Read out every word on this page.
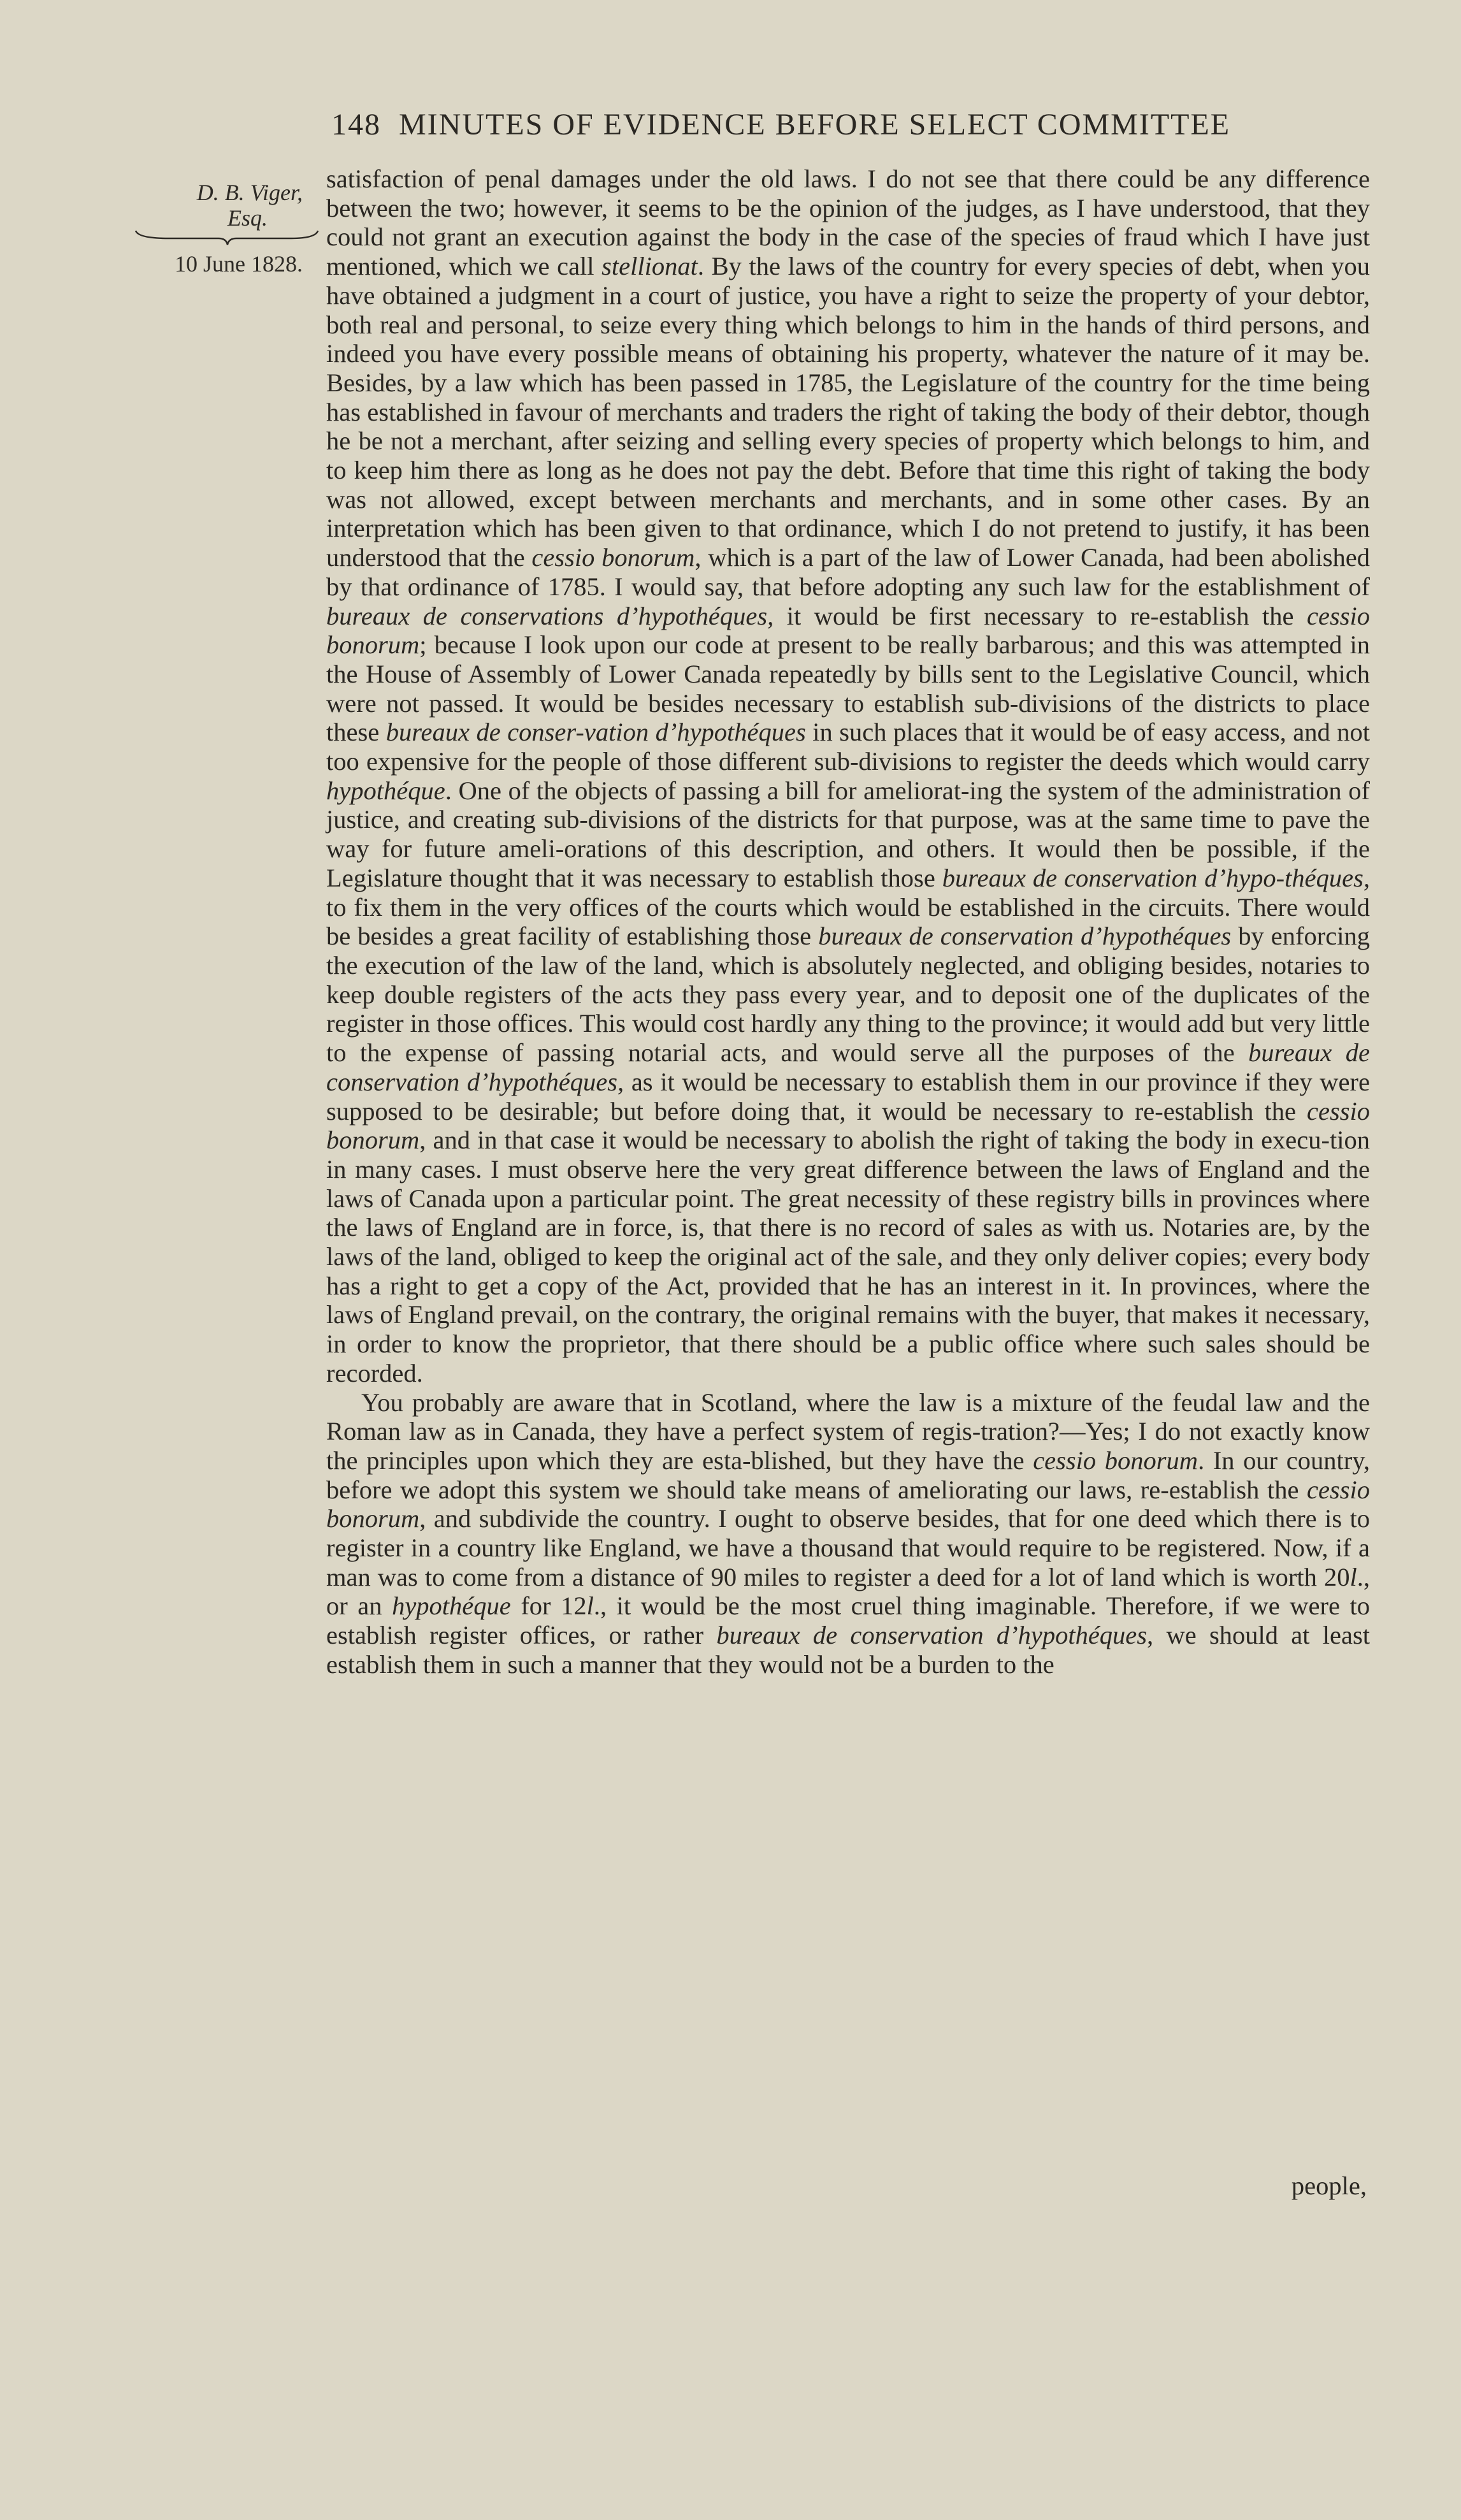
148 MINUTES OF EVIDENCE BEFORE SELECT COMMITTEE
D. B. Viger,
Esq.
10 June 1828.

satisfaction of penal damages under the old laws. I do not see that there could be any difference between the two; however, it seems to be the opinion of the judges, as I have understood, that they could not grant an execution against the body in the case of the species of fraud which I have just mentioned, which we call stellionat. By the laws of the country for every species of debt, when you have obtained a judgment in a court of justice, you have a right to seize the property of your debtor, both real and personal, to seize every thing which belongs to him in the hands of third persons, and indeed you have every possible means of obtaining his property, whatever the nature of it may be. Besides, by a law which has been passed in 1785, the Legislature of the country for the time being has established in favour of merchants and traders the right of taking the body of their debtor, though he be not a merchant, after seizing and selling every species of property which belongs to him, and to keep him there as long as he does not pay the debt. Before that time this right of taking the body was not allowed, except between merchants and merchants, and in some other cases. By an interpretation which has been given to that ordinance, which I do not pretend to justify, it has been understood that the cessio bonorum, which is a part of the law of Lower Canada, had been abolished by that ordinance of 1785. I would say, that before adopting any such law for the establishment of bureaux de conservations d’hypothéques, it would be first necessary to re-establish the cessio bonorum; because I look upon our code at present to be really barbarous; and this was attempted in the House of Assembly of Lower Canada repeatedly by bills sent to the Legislative Council, which were not passed. It would be besides necessary to establish sub-divisions of the districts to place these bureaux de conser-vation d’hypothéques in such places that it would be of easy access, and not too expensive for the people of those different sub-divisions to register the deeds which would carry hypothéque. One of the objects of passing a bill for ameliorat-ing the system of the administration of justice, and creating sub-divisions of the districts for that purpose, was at the same time to pave the way for future ameli-orations of this description, and others. It would then be possible, if the Legislature thought that it was necessary to establish those bureaux de conservation d’hypo-théques, to fix them in the very offices of the courts which would be established in the circuits. There would be besides a great facility of establishing those bureaux de conservation d’hypothéques by enforcing the execution of the law of the land, which is absolutely neglected, and obliging besides, notaries to keep double registers of the acts they pass every year, and to deposit one of the duplicates of the register in those offices. This would cost hardly any thing to the province; it would add but very little to the expense of passing notarial acts, and would serve all the purposes of the bureaux de conservation d’hypothéques, as it would be necessary to establish them in our province if they were supposed to be desirable; but before doing that, it would be necessary to re-establish the cessio bonorum, and in that case it would be necessary to abolish the right of taking the body in execu-tion in many cases. I must observe here the very great difference between the laws of England and the laws of Canada upon a particular point. The great necessity of these registry bills in provinces where the laws of England are in force, is, that there is no record of sales as with us. Notaries are, by the laws of the land, obliged to keep the original act of the sale, and they only deliver copies; every body has a right to get a copy of the Act, provided that he has an interest in it. In provinces, where the laws of England prevail, on the contrary, the original remains with the buyer, that makes it necessary, in order to know the proprietor, that there should be a public office where such sales should be recorded.

You probably are aware that in Scotland, where the law is a mixture of the feudal law and the Roman law as in Canada, they have a perfect system of regis-tration?—Yes; I do not exactly know the principles upon which they are esta-blished, but they have the cessio bonorum. In our country, before we adopt this system we should take means of ameliorating our laws, re-establish the cessio bonorum, and subdivide the country. I ought to observe besides, that for one deed which there is to register in a country like England, we have a thousand that would require to be registered. Now, if a man was to come from a distance of 90 miles to register a deed for a lot of land which is worth 20l., or an hypothéque for 12l., it would be the most cruel thing imaginable. Therefore, if we were to establish register offices, or rather bureaux de conservation d’hypothéques, we should at least establish them in such a manner that they would not be a burden to the

people,
